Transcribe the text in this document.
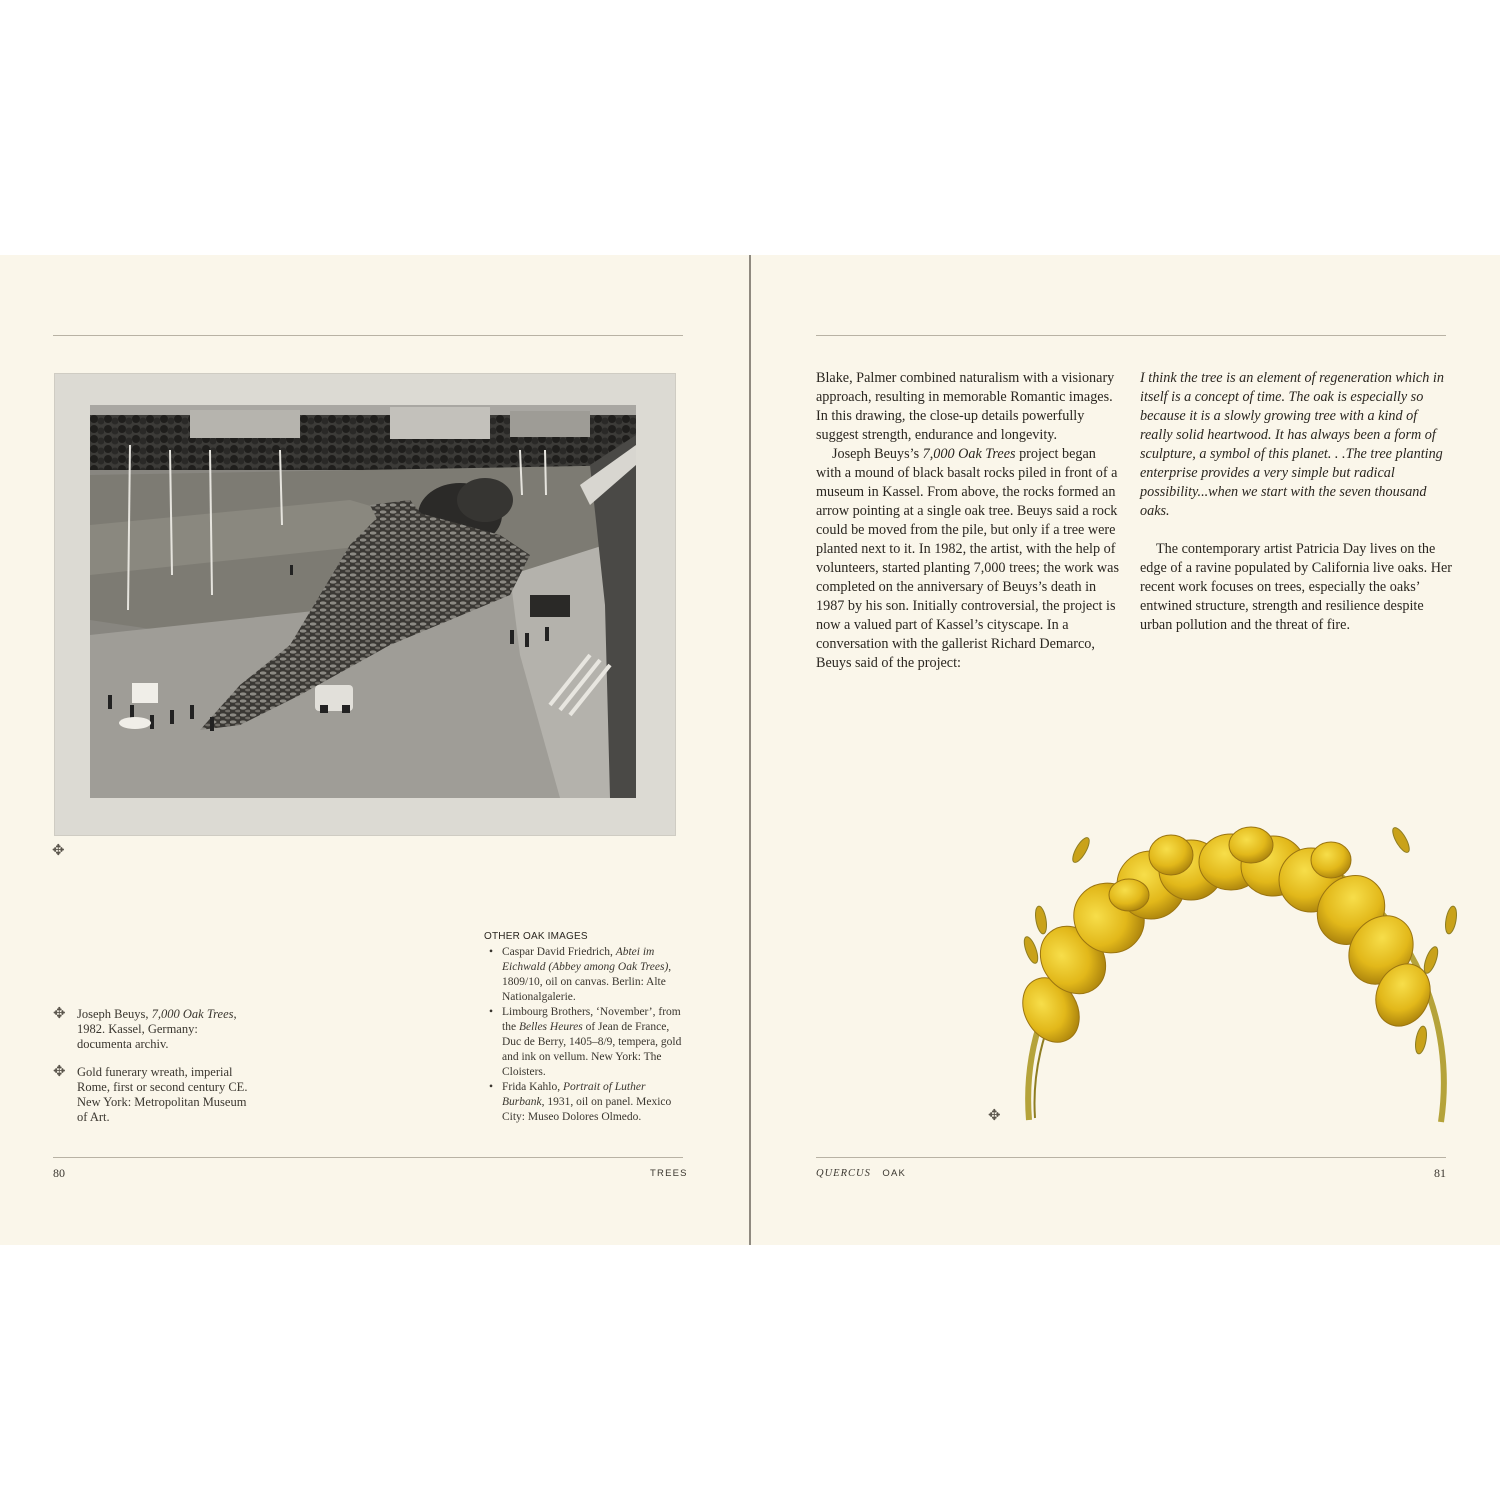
✥
✥ Joseph Beuys, 7,000 Oak Trees, 1982. Kassel, Germany: documenta archiv.
✥ Gold funerary wreath, imperial Rome, first or second century CE. New York: Metropolitan Museum of Art.
OTHER OAK IMAGES
• Caspar David Friedrich, Abtei im Eichwald (Abbey among Oak Trees), 1809/10, oil on canvas. Berlin: Alte Nationalgalerie.
• Limbourg Brothers, ‘November’, from the Belles Heures of Jean de France, Duc de Berry, 1405–8/9, tempera, gold and ink on vellum. New York: The Cloisters.
• Frida Kahlo, Portrait of Luther Burbank, 1931, oil on panel. Mexico City: Museo Dolores Olmedo.
80	TREES

Blake, Palmer combined naturalism with a visionary approach, resulting in memorable Romantic images. In this drawing, the close-up details powerfully suggest strength, endurance and longevity.

Joseph Beuys’s 7,000 Oak Trees project began with a mound of black basalt rocks piled in front of a museum in Kassel. From above, the rocks formed an arrow pointing at a single oak tree. Beuys said a rock could be moved from the pile, but only if a tree were planted next to it. In 1982, the artist, with the help of volunteers, started planting 7,000 trees; the work was completed on the anniversary of Beuys’s death in 1987 by his son. Initially controversial, the project is now a valued part of Kassel’s cityscape. In a conversation with the gallerist Richard Demarco, Beuys said of the project:

I think the tree is an element of regeneration which in itself is a concept of time. The oak is especially so because it is a slowly growing tree with a kind of really solid heartwood. It has always been a form of sculpture, a symbol of this planet. . .The tree planting enterprise provides a very simple but radical possibility...when we start with the seven thousand oaks.

The contemporary artist Patricia Day lives on the edge of a ravine populated by California live oaks. Her recent work focuses on trees, especially the oaks’ entwined structure, strength and resilience despite urban pollution and the threat of fire.

✥
QUERCUS OAK	81
